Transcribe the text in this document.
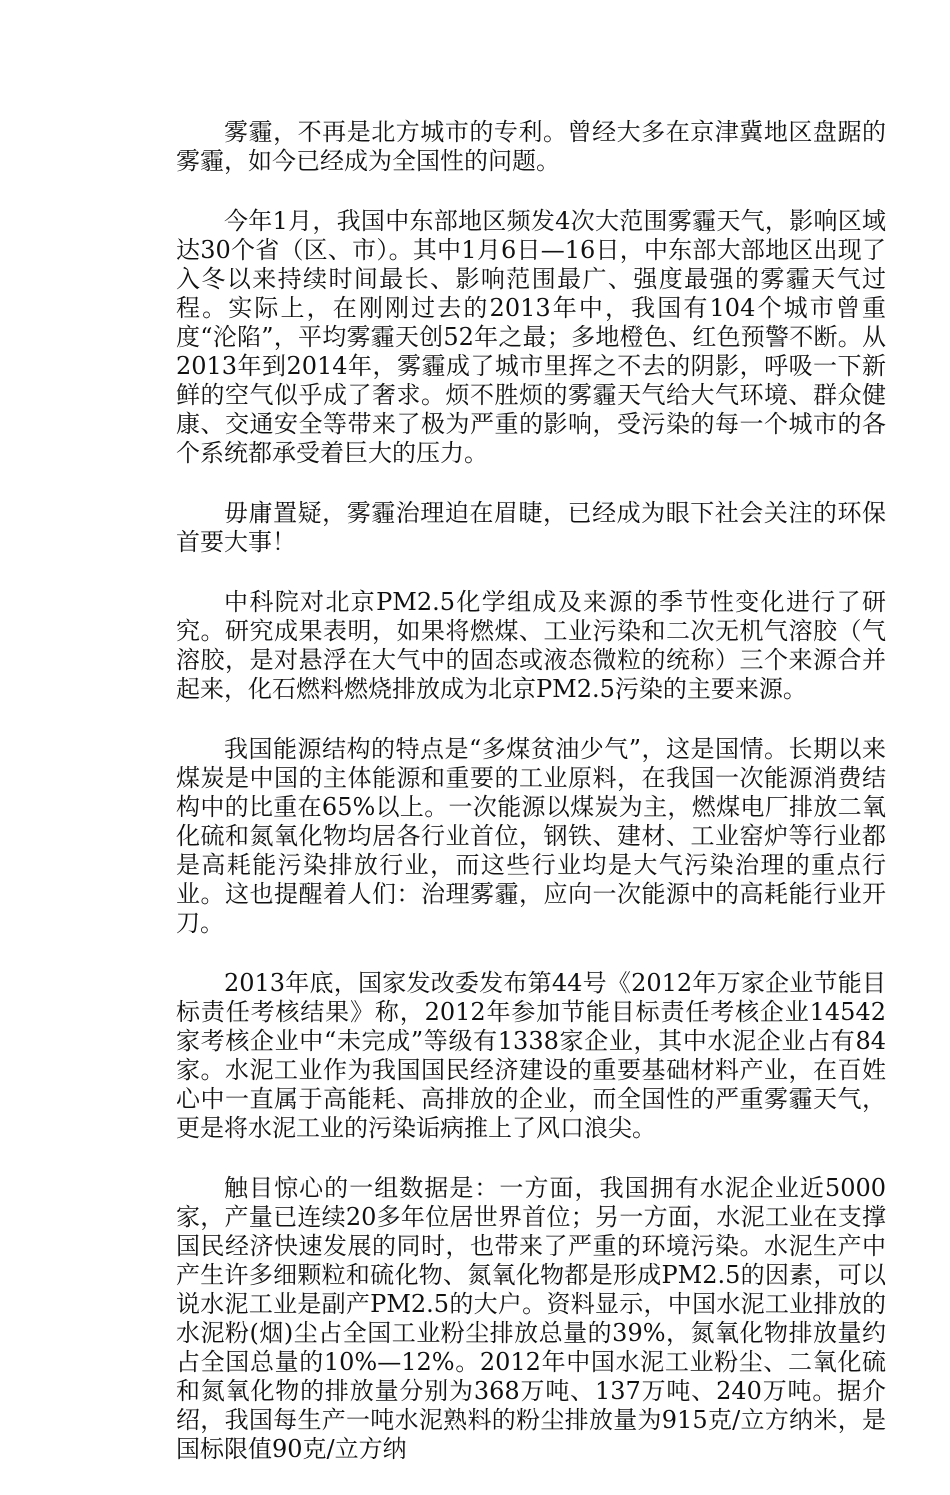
雾霾，不再是北方城市的专利。曾经大多在京津冀地区盘踞的雾霾，如今已经成为全国性的问题。

今年1月，我国中东部地区频发4次大范围雾霾天气，影响区域达30个省（区、市）。其中1月6日—16日，中东部大部地区出现了入冬以来持续时间最长、影响范围最广、强度最强的雾霾天气过程。实际上，在刚刚过去的2013年中，我国有104个城市曾重度“沦陷”，平均雾霾天创52年之最；多地橙色、红色预警不断。从2013年到2014年，雾霾成了城市里挥之不去的阴影，呼吸一下新鲜的空气似乎成了奢求。烦不胜烦的雾霾天气给大气环境、群众健康、交通安全等带来了极为严重的影响，受污染的每一个城市的各个系统都承受着巨大的压力。

毋庸置疑，雾霾治理迫在眉睫，已经成为眼下社会关注的环保首要大事！

中科院对北京PM2.5化学组成及来源的季节性变化进行了研究。研究成果表明，如果将燃煤、工业污染和二次无机气溶胶（气溶胶，是对悬浮在大气中的固态或液态微粒的统称）三个来源合并起来，化石燃料燃烧排放成为北京PM2.5污染的主要来源。

我国能源结构的特点是“多煤贫油少气”，这是国情。长期以来煤炭是中国的主体能源和重要的工业原料，在我国一次能源消费结构中的比重在65%以上。一次能源以煤炭为主，燃煤电厂排放二氧化硫和氮氧化物均居各行业首位，钢铁、建材、工业窑炉等行业都是高耗能污染排放行业，而这些行业均是大气污染治理的重点行业。这也提醒着人们：治理雾霾，应向一次能源中的高耗能行业开刀。

2013年底，国家发改委发布第44号《2012年万家企业节能目标责任考核结果》称，2012年参加节能目标责任考核企业14542家考核企业中“未完成”等级有1338家企业，其中水泥企业占有84家。水泥工业作为我国国民经济建设的重要基础材料产业，在百姓心中一直属于高能耗、高排放的企业，而全国性的严重雾霾天气，更是将水泥工业的污染诟病推上了风口浪尖。

触目惊心的一组数据是：一方面，我国拥有水泥企业近5000家，产量已连续20多年位居世界首位；另一方面，水泥工业在支撑国民经济快速发展的同时，也带来了严重的环境污染。水泥生产中产生许多细颗粒和硫化物、氮氧化物都是形成PM2.5的因素，可以说水泥工业是副产PM2.5的大户。资料显示，中国水泥工业排放的水泥粉(烟)尘占全国工业粉尘排放总量的39%，氮氧化物排放量约占全国总量的10%—12%。2012年中国水泥工业粉尘、二氧化硫和氮氧化物的排放量分别为368万吨、137万吨、240万吨。据介绍，我国每生产一吨水泥熟料的粉尘排放量为915克/立方纳米，是国标限值90克/立方纳
